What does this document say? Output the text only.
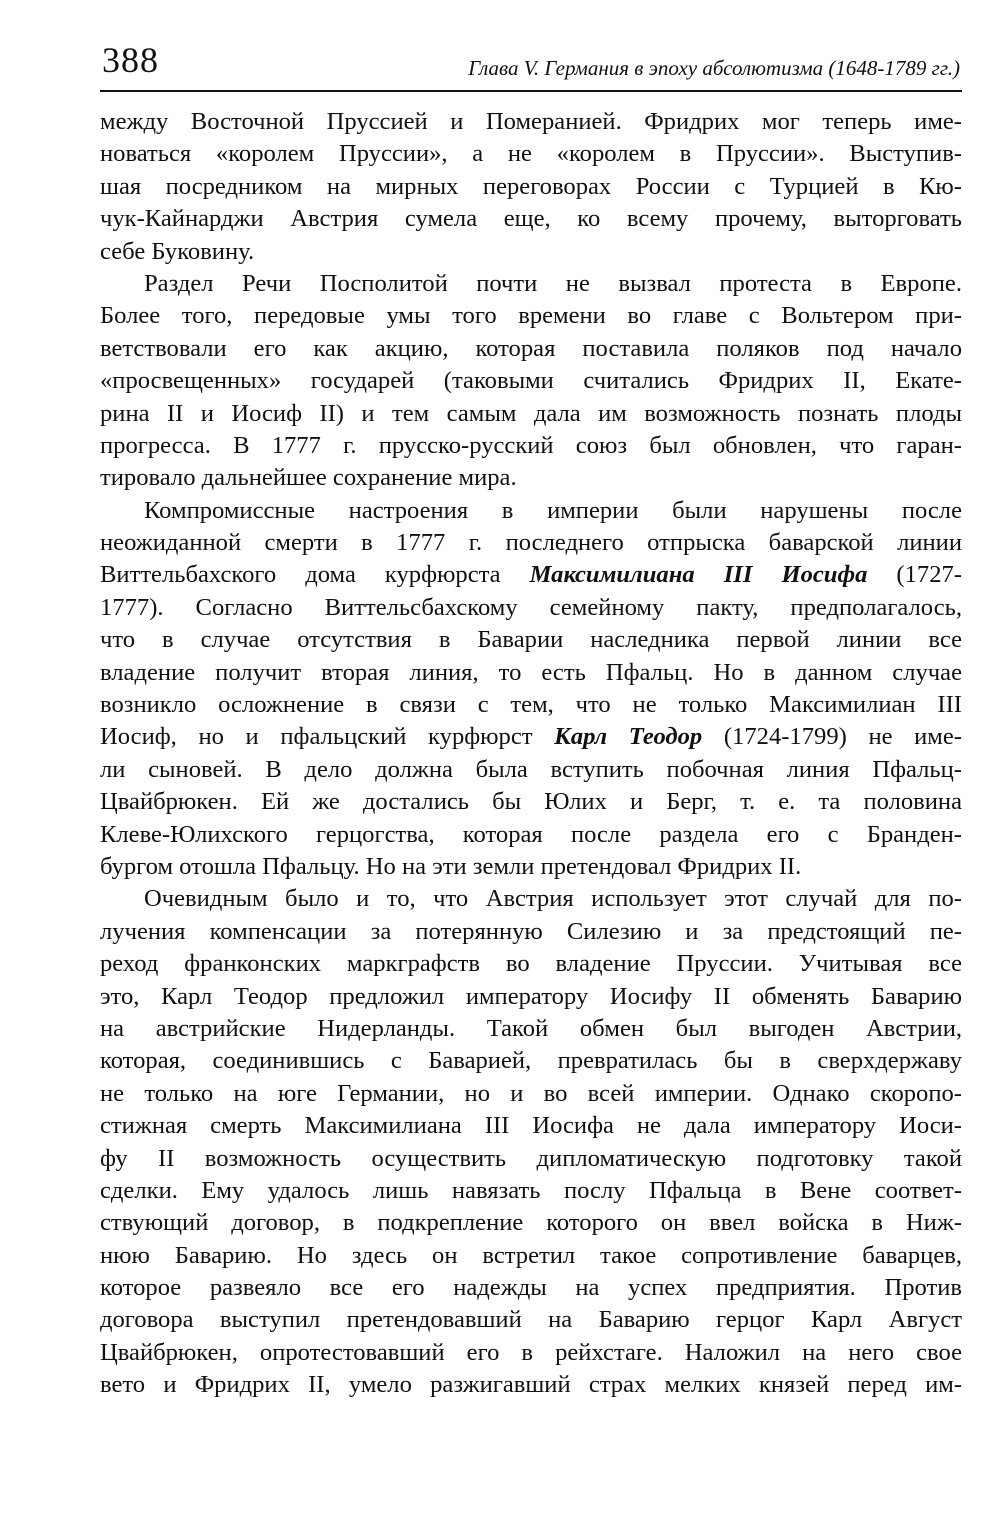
388	Глава V. Германия в эпоху абсолютизма (1648-1789 гг.)
между Восточной Пруссией и Померанией. Фридрих мог теперь име-
новаться «королем Пруссии», а не «королем в Пруссии». Выступив-
шая посредником на мирных переговорах России с Турцией в Кю-
чук-Кайнарджи Австрия сумела еще, ко всему прочему, выторговать
себе Буковину.
Раздел Речи Посполитой почти не вызвал протеста в Европе.
Более того, передовые умы того времени во главе с Вольтером при-
ветствовали его как акцию, которая поставила поляков под начало
«просвещенных» государей (таковыми считались Фридрих II, Екате-
рина II и Иосиф II) и тем самым дала им возможность познать плоды
прогресса. В 1777 г. прусско-русский союз был обновлен, что гаран-
тировало дальнейшее сохранение мира.
Компромиссные настроения в империи были нарушены после
неожиданной смерти в 1777 г. последнего отпрыска баварской линии
Виттельбахского дома курфюрста Максимилиана III Иосифа (1727-
1777). Согласно Виттельсбахскому семейному пакту, предполагалось,
что в случае отсутствия в Баварии наследника первой линии все
владение получит вторая линия, то есть Пфальц. Но в данном случае
возникло осложнение в связи с тем, что не только Максимилиан III
Иосиф, но и пфальцский курфюрст Карл Теодор (1724-1799) не име-
ли сыновей. В дело должна была вступить побочная линия Пфальц-
Цвайбрюкен. Ей же достались бы Юлих и Берг, т. е. та половина
Клеве-Юлихского герцогства, которая после раздела его с Бранден-
бургом отошла Пфальцу. Но на эти земли претендовал Фридрих II.
Очевидным было и то, что Австрия использует этот случай для по-
лучения компенсации за потерянную Силезию и за предстоящий пе-
реход франконских маркграфств во владение Пруссии. Учитывая все
это, Карл Теодор предложил императору Иосифу II обменять Баварию
на австрийские Нидерланды. Такой обмен был выгоден Австрии,
которая, соединившись с Баварией, превратилась бы в сверхдержаву
не только на юге Германии, но и во всей империи. Однако скоропо-
стижная смерть Максимилиана III Иосифа не дала императору Иоси-
фу II возможность осуществить дипломатическую подготовку такой
сделки. Ему удалось лишь навязать послу Пфальца в Вене соответ-
ствующий договор, в подкрепление которого он ввел войска в Ниж-
нюю Баварию. Но здесь он встретил такое сопротивление баварцев,
которое развеяло все его надежды на успех предприятия. Против
договора выступил претендовавший на Баварию герцог Карл Август
Цвайбрюкен, опротестовавший его в рейхстаге. Наложил на него свое
вето и Фридрих II, умело разжигавший страх мелких князей перед им-
